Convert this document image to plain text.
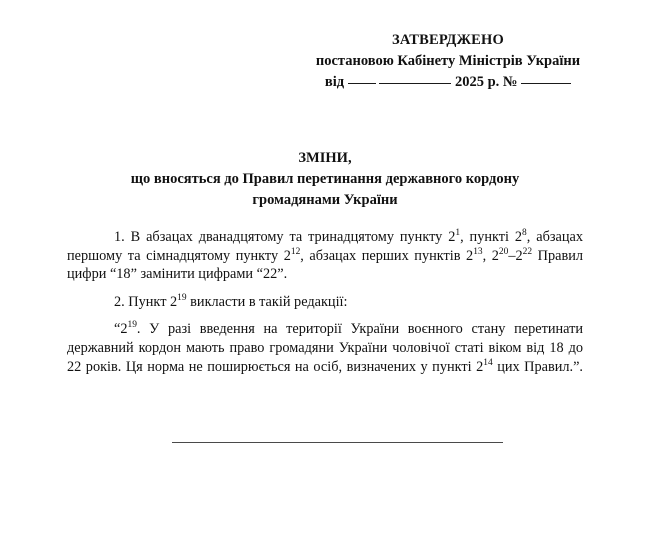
ЗАТВЕРДЖЕНО
постановою Кабінету Міністрів України
від	2025 р. №
ЗМІНИ,
що вносяться до Правил перетинання державного кордону
громадянами України

1. В абзацах дванадцятому та тринадцятому пункту $2^1$, пункті $2^8$, абзацах першому та сімнадцятому пункту $2^{12}$, абзацах перших пунктів $2^{13}$, $2^{20}-2^{22}$ Правил цифри “18” замінити цифрами “22”.

2. Пункт $2^{19}$ викласти в такій редакції:

“$2^{19}$. У разі введення на території України воєнного стану перетинати державний кордон мають право громадяни України чоловічої статі віком від 18 до 22 років. Ця норма не поширюється на осіб, визначених у пункті $2^{14}$ цих Правил.”.
